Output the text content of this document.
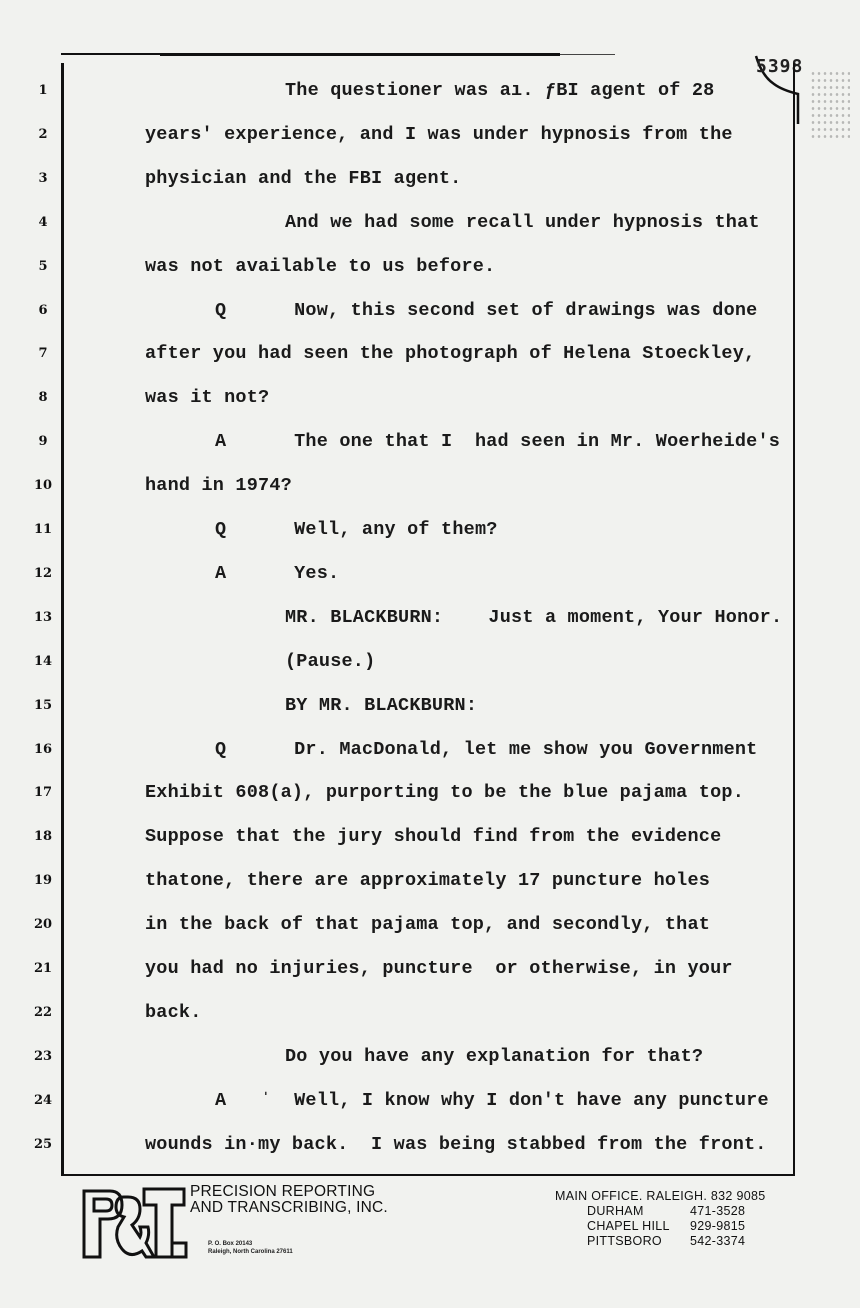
5398
1	The questioner was aı. ƒBI agent of 28
2	years' experience, and I was under hypnosis from the
3	physician and the FBI agent.
4	And we had some recall under hypnosis that
5	was not available to us before.
6	Q      Now, this second set of drawings was done
7	after you had seen the photograph of Helena Stoeckley,
8	was it not?
9	A      The one that I  had seen in Mr. Woerheide's
10	hand in 1974?
11	Q      Well, any of them?
12	A      Yes.
13	MR. BLACKBURN:    Just a moment, Your Honor.
14	(Pause.)
15	BY MR. BLACKBURN:
16	Q      Dr. MacDonald, let me show you Government
17	Exhibit 608(a), purporting to be the blue pajama top.
18	Suppose that the jury should find from the evidence
19	thatone, there are approximately 17 puncture holes
20	in the back of that pajama top, and secondly, that
21	you had no injuries, puncture  or otherwise, in your
22	back.
23	Do you have any explanation for that?
24	A   ˈ  Well, I know why I don't have any puncture
25	wounds in·my back.  I was being stabbed from the front.
PRECISION REPORTING
AND TRANSCRIBING, INC.
P. O. Box 20143
Raleigh, North Carolina 27611
MAIN OFFICE. RALEIGH. 832 9085
DURHAM	471-3528
CHAPEL HILL	929-9815
PITTSBORO	542-3374
